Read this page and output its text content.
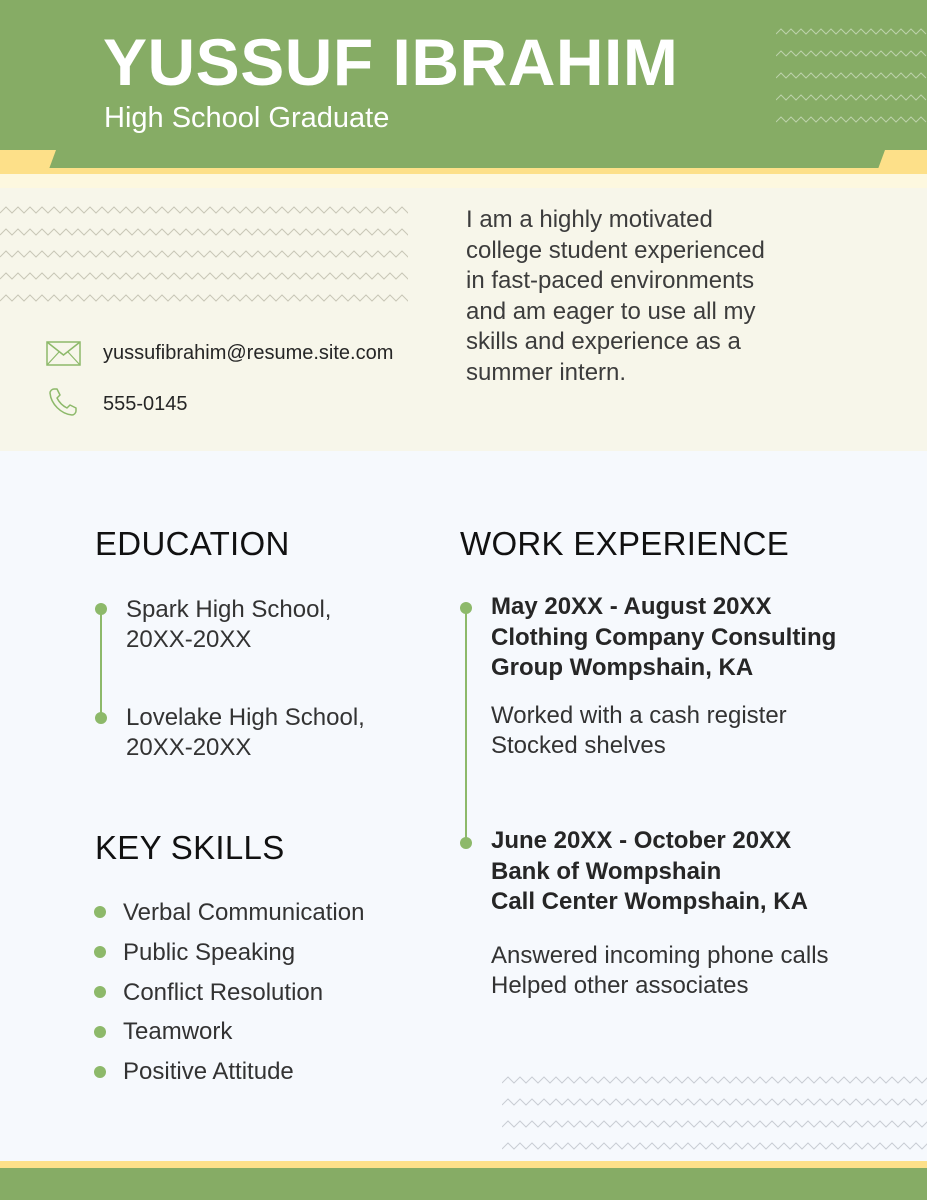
YUSSUF IBRAHIM
High School Graduate
yussufibrahim@resume.site.com
555-0145
I am a highly motivated college student experienced in fast-paced environments and am eager to use all my skills and experience as a summer intern.
EDUCATION
Spark High School,
20XX-20XX
Lovelake High School,
20XX-20XX
KEY SKILLS
Verbal Communication
Public Speaking
Conflict Resolution
Teamwork
Positive Attitude
WORK EXPERIENCE
May 20XX - August 20XX
Clothing Company Consulting
Group Wompshain, KA
Worked with a cash register
Stocked shelves
June 20XX - October 20XX
Bank of Wompshain
Call Center Wompshain, KA
Answered incoming phone calls
Helped other associates
